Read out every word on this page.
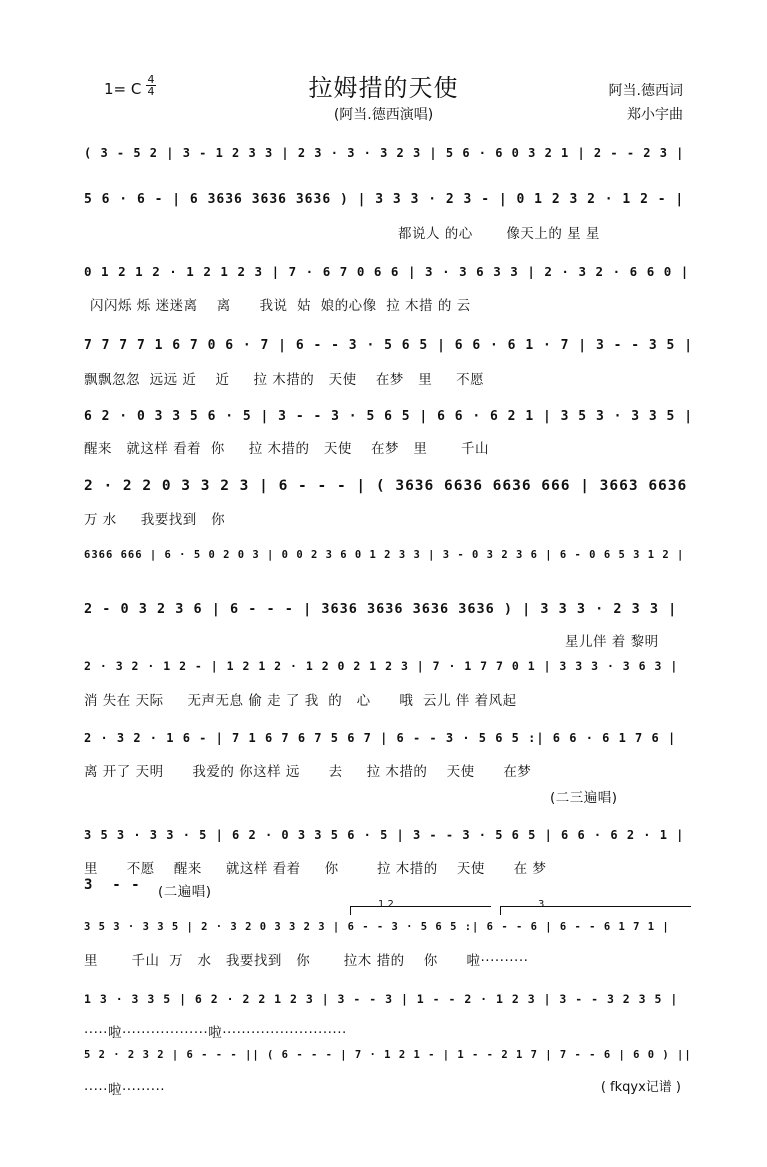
1= C
4
4	拉姆措的天使
(阿当.德西演唱)
阿当.德西词
郑小宇曲
( 3 - 5 2 | 3 - 1 2 3 3 | 2 3 · 3 · 3 2 3 | 5 6 · 6 0 3 2 1 | 2 - - 2 3 |
5 6 · 6 - | 6 3636 3636 3636 ) | 3 3 3 · 2 3 - | 0 1 2 3 2 · 1 2 - |
都说人 的心       像天上的 星 星
0 1 2 1 2 · 1 2 1 2 3 | 7 · 6 7 0 6 6 | 3 · 3 6 3 3 | 2 · 3 2 · 6 6 0 |
闪闪烁 烁 迷迷离    离      我说  姑  娘的心像  拉 木措 的 云
7 7 7 7 1 6 7 0 6 · 7 | 6 - - 3 · 5 6 5 | 6 6 · 6 1 · 7 | 3 - - 3 5 |
飘飘忽忽  远远 近    近     拉 木措的   天使    在梦   里     不愿
6 2 · 0 3 3 5 6 · 5 | 3 - - 3 · 5 6 5 | 6 6 · 6 2 1 | 3 5 3 · 3 3 5 |
醒来   就这样 看着  你     拉 木措的   天使    在梦   里       千山
2 · 2 2 0 3 3 2 3 | 6 - - - | ( 3636 6636 6636 666 | 3663 6636
万 水     我要找到   你
6366 666 | 6 · 5 0 2 0 3 | 0 0 2 3 6 0 1 2 3 3 | 3 - 0 3 2 3 6 | 6 - 0 6 5 3 1 2 |
2 - 0 3 2 3 6 | 6 - - - | 3636 3636 3636 3636 ) | 3 3 3 · 2 3 3 |
星儿伴 着 黎明
2 · 3 2 · 1 2 - | 1 2 1 2 · 1 2 0 2 1 2 3 | 7 · 1 7 7 0 1 | 3 3 3 · 3 6 3 |
消 失在 天际     无声无息 偷 走 了 我  的   心      哦  云儿 伴 着风起
2 · 3 2 · 1 6 - | 7 1 6 7 6 7 5 6 7 | 6 - - 3 · 5 6 5 :| 6 6 · 6 1 7 6 |
离 开了 天明      我爱的 你这样 远      去     拉 木措的    天使      在梦
(二三遍唱)
3 5 3 · 3 3 · 5 | 6 2 · 0 3 3 5 6 · 5 | 3 - - 3 · 5 6 5 | 6 6 · 6 2 · 1 |
里      不愿    醒来     就这样 看着     你        拉 木措的    天使      在 梦
3  - - (二遍唱)
1 2	3
3 5 3 · 3 3 5 | 2 · 3 2 0 3 3 2 3 | 6 - - 3 · 5 6 5 :| 6 - - 6 | 6 - - 6 1 7 1 |
里       千山  万   水   我要找到   你       拉木 措的    你      啦··········
1 3 · 3 3 5 | 6 2 · 2 2 1 2 3 | 3 - - 3 | 1 - - 2 · 1 2 3 | 3 - - 3 2 3 5 |
·····啦··················啦··························
5 2 · 2 3 2 | 6 - - - || ( 6 - - - | 7 · 1 2 1 - | 1 - - 2 1 7 | 7 - - 6 | 6 0 ) ||
·····啦·········	( fkqyx记谱 )
